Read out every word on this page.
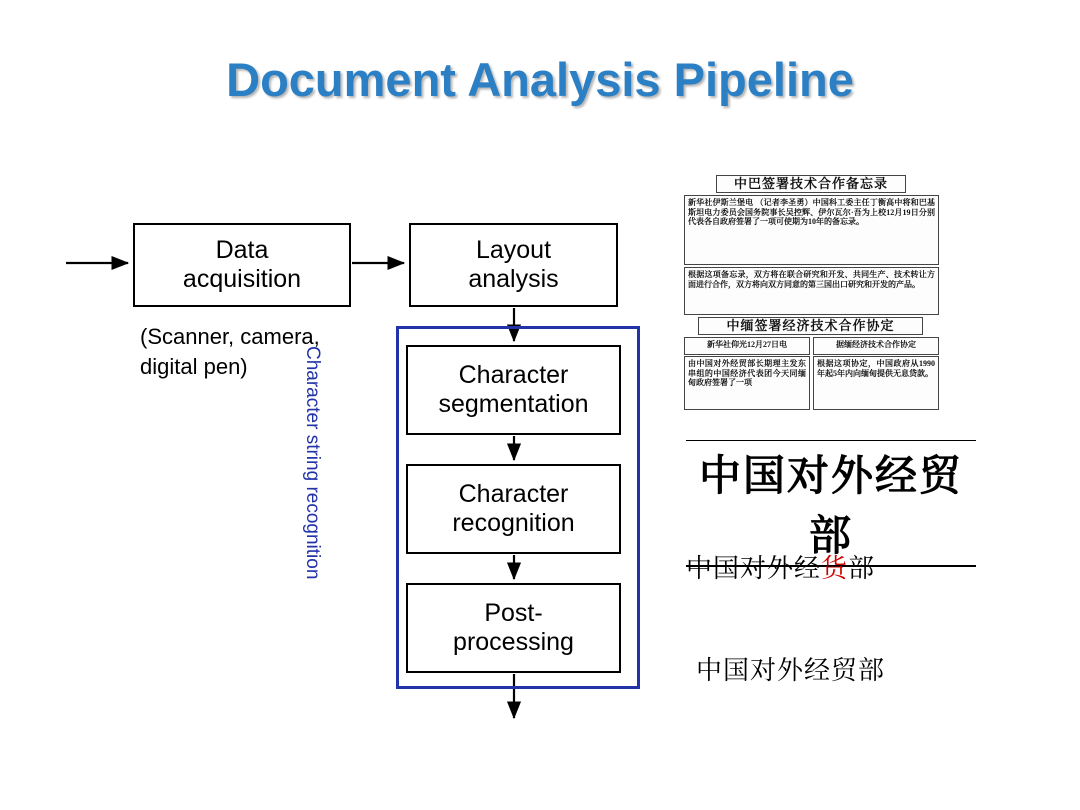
Document Analysis Pipeline
Character string recognition
Data
acquisition
Layout
analysis
Character
segmentation
Character
recognition
Post-
processing
(Scanner, camera,
digital pen)
中巴签署技术合作备忘录
新华社伊斯兰堡电 （记者李圣勇）中国科工委主任丁衡高中将和巴基斯坦电力委员会国务院事长吴控辉、伊尔瓦尔·吾为上校12月19日分别代表各自政府签署了一项可使期为10年的备忘录。
根据这项备忘录，双方将在联合研究和开发、共同生产、技术转让方面进行合作，双方将向双方同意的第三国出口研究和开发的产品。
中缅签署经济技术合作协定
新华社仰光12月27日电
由中国对外经贸部长期理主发东串组的中国经济代表团今天同缅甸政府签署了一项
据缅经济技术合作协定
根据这项协定，中国政府从1990年起5年内向缅甸提供无息贷款。
中国对外经贸部
中国对外经货部
中国对外经贸部
